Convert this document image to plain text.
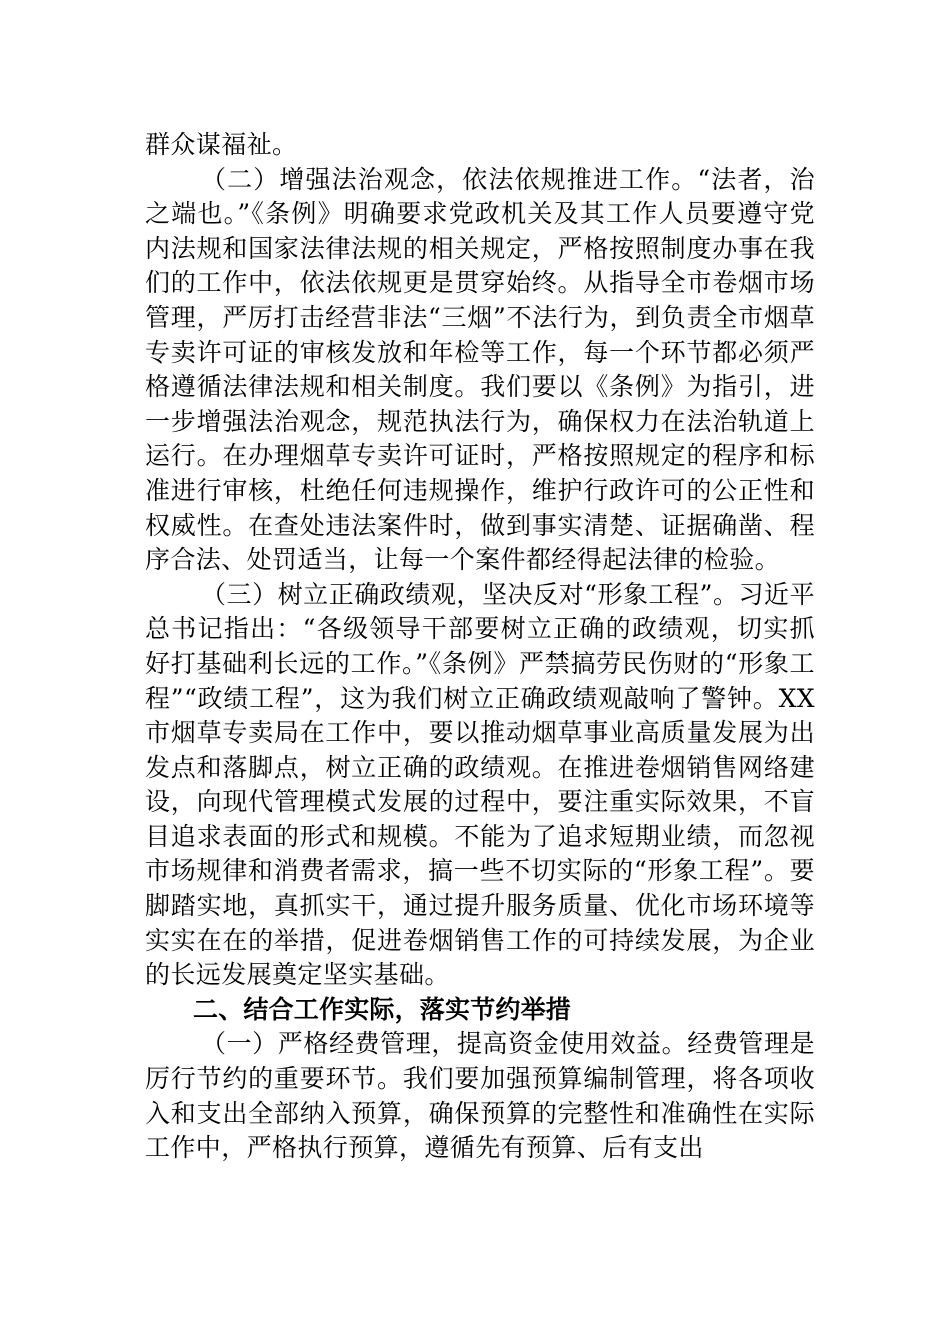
群众谋福祉。

（二）增强法治观念，依法依规推进工作。“法者，治之端也。”《条例》明确要求党政机关及其工作人员要遵守党内法规和国家法律法规的相关规定，严格按照制度办事在我们的工作中，依法依规更是贯穿始终。从指导全市卷烟市场管理，严厉打击经营非法“三烟”不法行为，到负责全市烟草专卖许可证的审核发放和年检等工作，每一个环节都必须严格遵循法律法规和相关制度。我们要以《条例》为指引，进一步增强法治观念，规范执法行为，确保权力在法治轨道上运行。在办理烟草专卖许可证时，严格按照规定的程序和标准进行审核，杜绝任何违规操作，维护行政许可的公正性和权威性。在查处违法案件时，做到事实清楚、证据确凿、程序合法、处罚适当，让每一个案件都经得起法律的检验。

（三）树立正确政绩观，坚决反对“形象工程”。习近平总书记指出：“各级领导干部要树立正确的政绩观，切实抓好打基础利长远的工作。”《条例》严禁搞劳民伤财的“形象工程”“政绩工程”，这为我们树立正确政绩观敲响了警钟。XX市烟草专卖局在工作中，要以推动烟草事业高质量发展为出发点和落脚点，树立正确的政绩观。在推进卷烟销售网络建设，向现代管理模式发展的过程中，要注重实际效果，不盲目追求表面的形式和规模。不能为了追求短期业绩，而忽视市场规律和消费者需求，搞一些不切实际的“形象工程”。要脚踏实地，真抓实干，通过提升服务质量、优化市场环境等实实在在的举措，促进卷烟销售工作的可持续发展，为企业的长远发展奠定坚实基础。

二、结合工作实际，落实节约举措

（一）严格经费管理，提高资金使用效益。经费管理是厉行节约的重要环节。我们要加强预算编制管理，将各项收入和支出全部纳入预算，确保预算的完整性和准确性在实际工作中，严格执行预算，遵循先有预算、后有支出
